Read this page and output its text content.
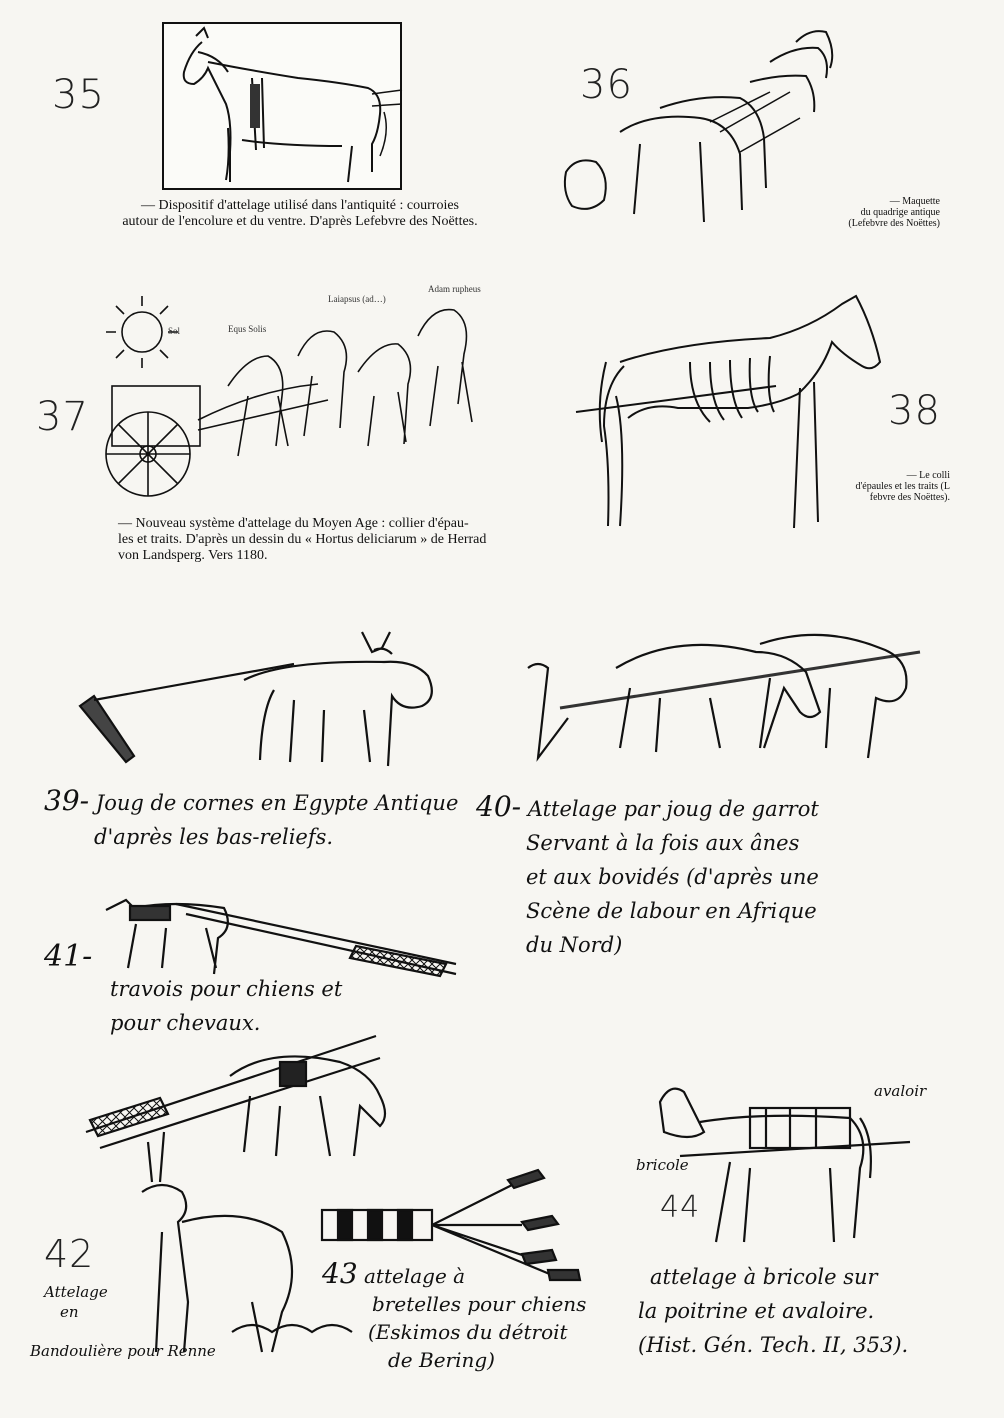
35
— Dispositif d'attelage utilisé dans l'antiquité : courroies
autour de l'encolure et du ventre. D'après Lefebvre des Noëttes.
36
— Maquette
du quadrige antique
(Lefebvre des Noëttes)
37
Sol	Equs Solis
Laiapsus (ad…)
Adam rupheus
— Nouveau système d'attelage du Moyen Age : collier d'épau-
les et traits. D'après un dessin du « Hortus deliciarum » de Herrad
von Landsperg. Vers 1180.
38
— Le colli
d'épaules et les traits (L
febvre des Noëttes).
39- Joug de cornes en Egypte Antique
d'après les bas-reliefs.
40- Attelage par joug de garrot
Servant à la fois aux ânes
et aux bovidés (d'après une
Scène de labour en Afrique
du Nord)
41-
travois pour chiens et
pour chevaux.
42
Attelage
en
Bandoulière pour Renne
43 attelage à
bretelles pour chiens
(Eskimos du détroit
de Bering)
avaloir
bricole
44
attelage à bricole sur
la poitrine et avaloire.
(Hist. Gén. Tech. II, 353).
